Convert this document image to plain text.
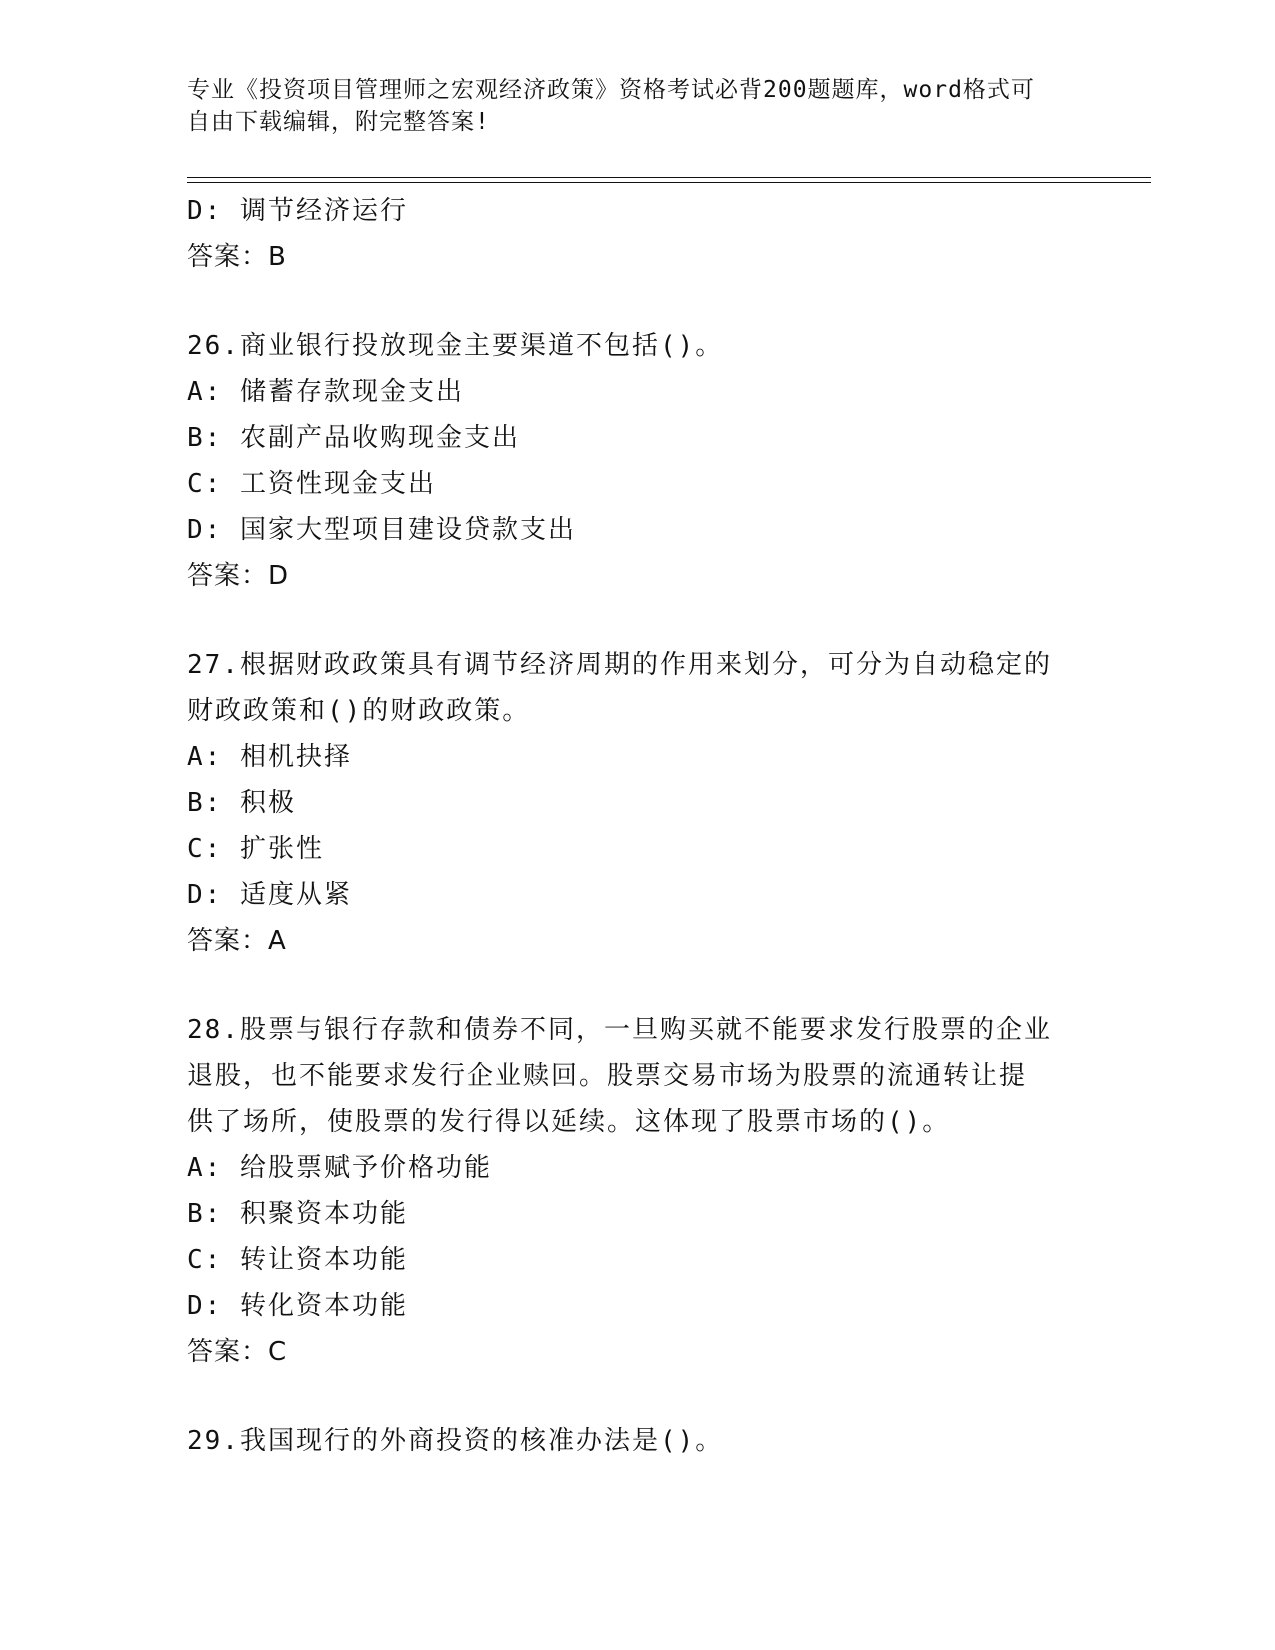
专业《投资项目管理师之宏观经济政策》资格考试必背200题题库，word格式可
自由下载编辑，附完整答案!
D: 调节经济运行
答案：B
26.商业银行投放现金主要渠道不包括()。
A: 储蓄存款现金支出
B: 农副产品收购现金支出
C: 工资性现金支出
D: 国家大型项目建设贷款支出
答案：D
27.根据财政政策具有调节经济周期的作用来划分，可分为自动稳定的
财政政策和()的财政政策。
A: 相机抉择
B: 积极
C: 扩张性
D: 适度从紧
答案：A
28.股票与银行存款和债券不同，一旦购买就不能要求发行股票的企业
退股，也不能要求发行企业赎回。股票交易市场为股票的流通转让提
供了场所，使股票的发行得以延续。这体现了股票市场的()。
A: 给股票赋予价格功能
B: 积聚资本功能
C: 转让资本功能
D: 转化资本功能
答案：C
29.我国现行的外商投资的核准办法是()。
